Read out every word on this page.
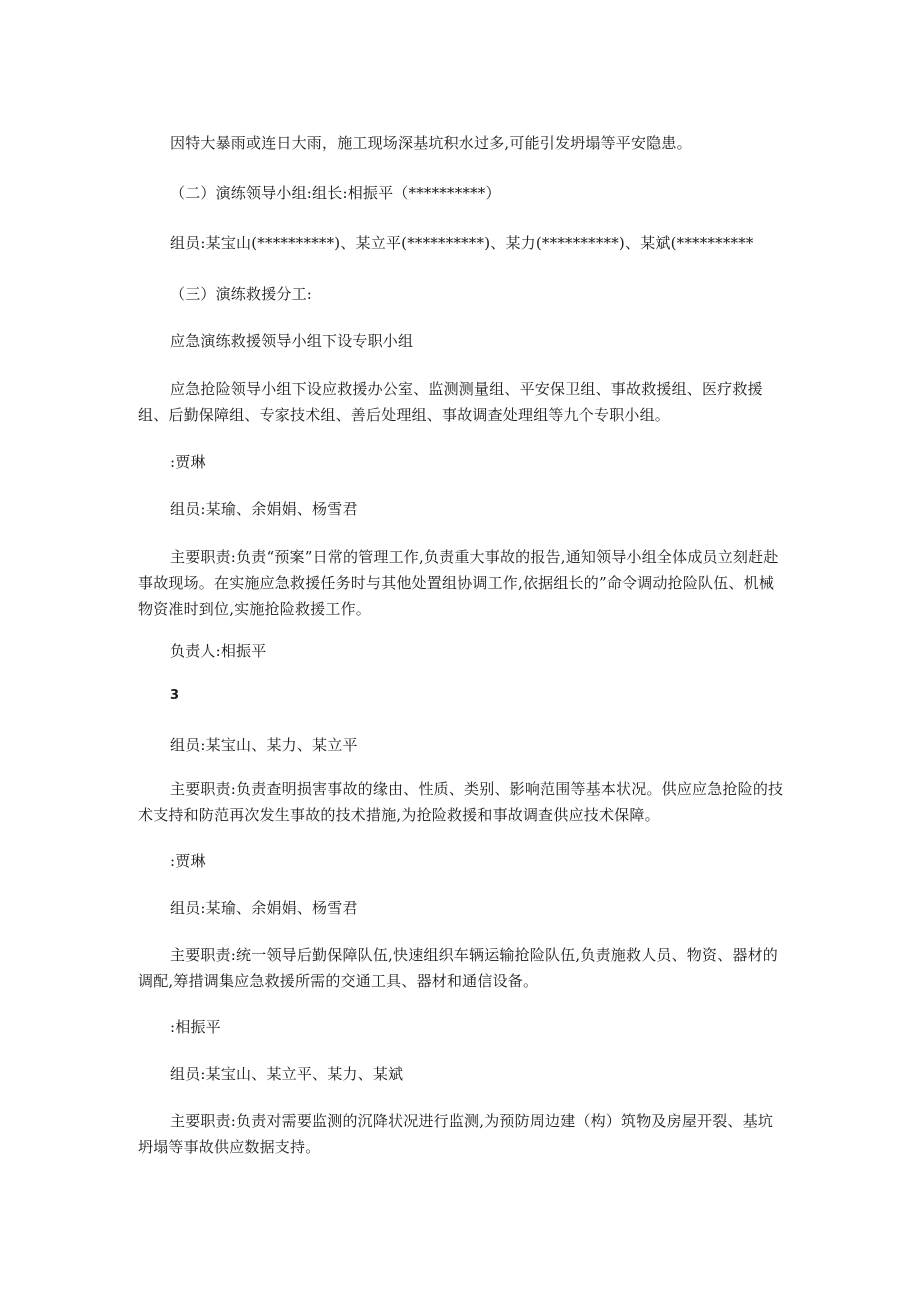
因特大暴雨或连日大雨，施工现场深基坑积水过多,可能引发坍塌等平安隐患。

（二）演练领导小组:组长:相振平（**********）

组员:某宝山(**********)、某立平(**********)、某力(**********)、某斌(**********

（三）演练救援分工:

应急演练救援领导小组下设专职小组

应急抢险领导小组下设应救援办公室、监测测量组、平安保卫组、事故救援组、医疗救援组、后勤保障组、专家技术组、善后处理组、事故调查处理组等九个专职小组。

:贾琳

组员:某瑜、余娟娟、杨雪君

主要职责:负责“预案”日常的管理工作,负责重大事故的报告,通知领导小组全体成员立刻赶赴事故现场。在实施应急救援任务时与其他处置组协调工作,依据组长的”命令调动抢险队伍、机械物资准时到位,实施抢险救援工作。

负责人:相振平

3

组员:某宝山、某力、某立平

主要职责:负责查明损害事故的缘由、性质、类别、影响范围等基本状况。供应应急抢险的技术支持和防范再次发生事故的技术措施,为抢险救援和事故调查供应技术保障。

:贾琳

组员:某瑜、余娟娟、杨雪君

主要职责:统一领导后勤保障队伍,快速组织车辆运输抢险队伍,负责施救人员、物资、器材的调配,筹措调集应急救援所需的交通工具、器材和通信设备。

:相振平

组员:某宝山、某立平、某力、某斌

主要职责:负责对需要监测的沉降状况进行监测,为预防周边建（构）筑物及房屋开裂、基坑坍塌等事故供应数据支持。
